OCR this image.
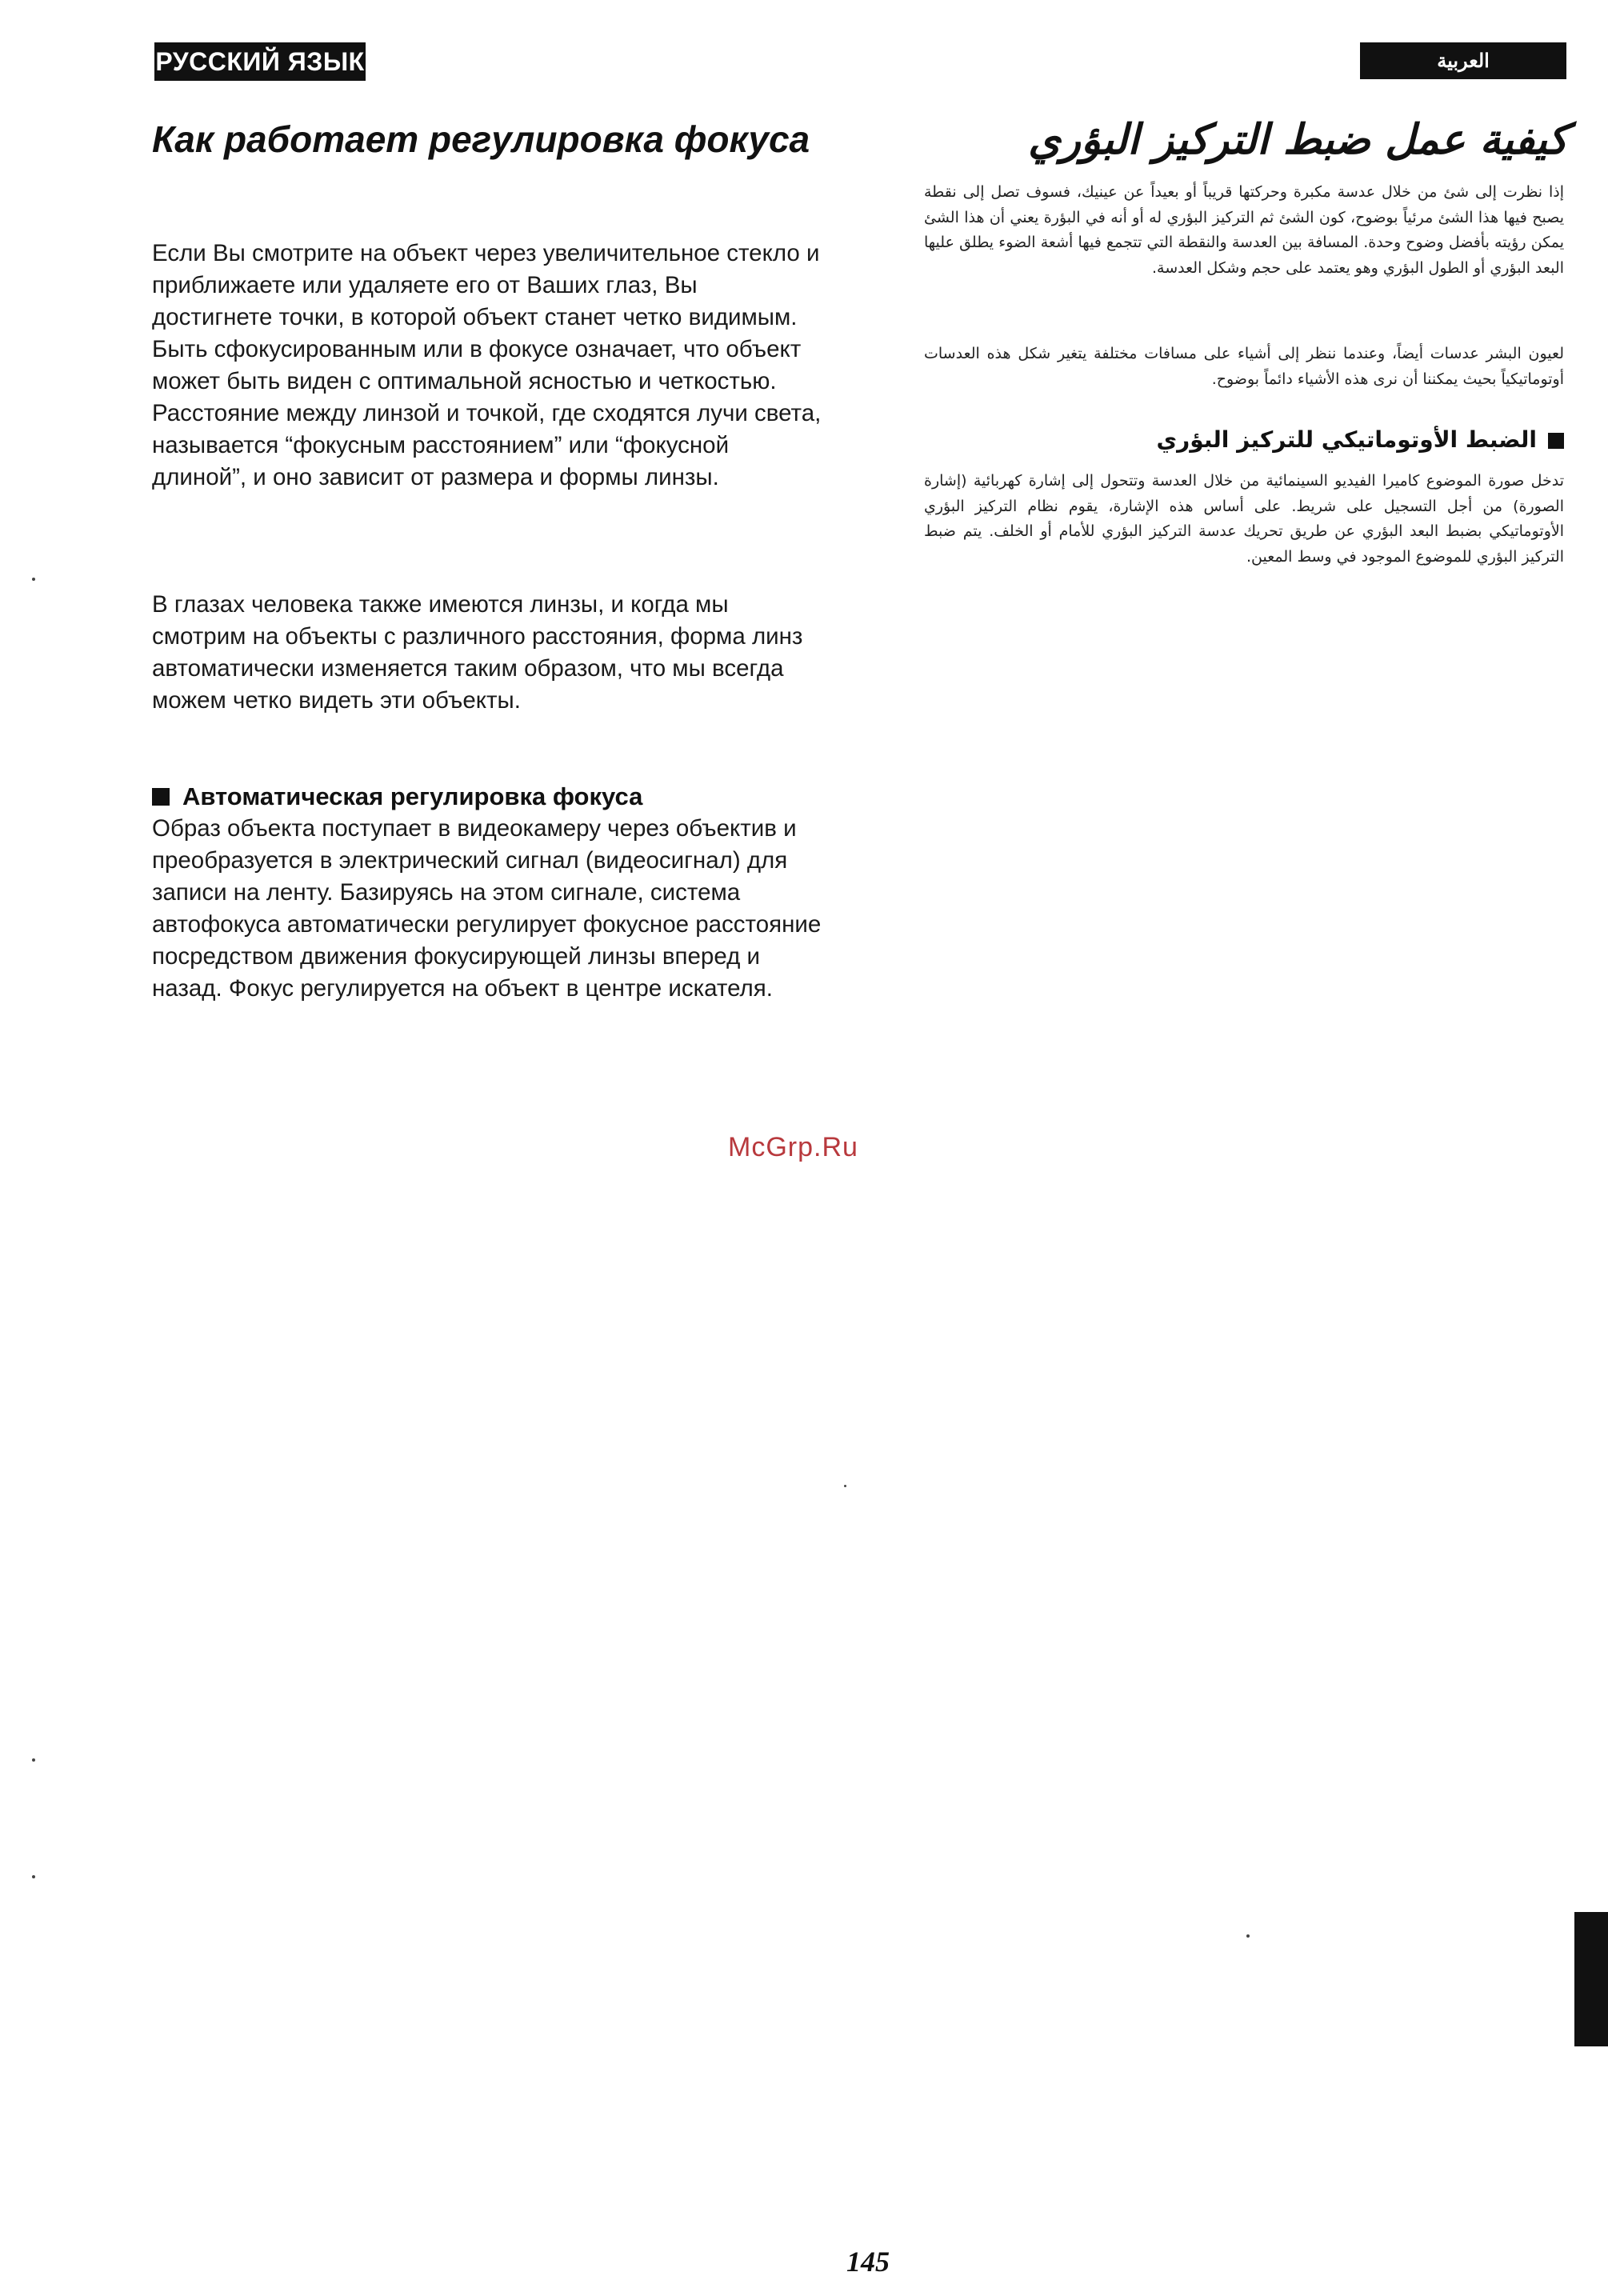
РУССКИЙ ЯЗЫК	العربية
Как работает регулировка фокуса

Если Вы смотрите на объект через увеличительное стекло и приближаете или удаляете его от Ваших глаз, Вы достигнете точки, в которой объект станет четко видимым. Быть сфокусированным или в фокусе означает, что объект может быть виден с оптимальной ясностью и четкостью. Расстояние между линзой и точкой, где сходятся лучи света, называется “фокусным расстоянием” или “фокусной длиной”, и оно зависит от размера и формы линзы.

В глазах человека также имеются линзы, и когда мы смотрим на объекты с различного расстояния, форма линз автоматически изменяется таким образом, что мы всегда можем четко видеть эти объекты.

Автоматическая регулировка фокуса

Образ объекта поступает в видеокамеру через объектив и преобразуется в электрический сигнал (видеосигнал) для записи на ленту. Базируясь на этом сигнале, система автофокуса автоматически регулирует фокусное расстояние посредством движения фокусирующей линзы вперед и назад. Фокус регулируется на объект в центре искателя.

كيفية عمل ضبط التركيز البؤري

إذا نظرت إلى شئ من خلال عدسة مكبرة وحركتها قريباً أو بعيداً عن عينيك، فسوف تصل إلى نقطة يصبح فيها هذا الشئ مرئياً بوضوح، كون الشئ ثم التركيز البؤري له أو أنه في البؤرة يعني أن هذا الشئ يمكن رؤيته بأفضل وضوح وحدة. المسافة بين العدسة والنقطة التي تتجمع فيها أشعة الضوء يطلق عليها البعد البؤري أو الطول البؤري وهو يعتمد على حجم وشكل العدسة.

لعيون البشر عدسات أيضاً، وعندما ننظر إلى أشياء على مسافات مختلفة يتغير شكل هذه العدسات أوتوماتيكياً بحيث يمكننا أن نرى هذه الأشياء دائماً بوضوح.

الضبط الأوتوماتيكي للتركيز البؤري

تدخل صورة الموضوع كاميرا الفيديو السينمائية من خلال العدسة وتتحول إلى إشارة كهربائية (إشارة الصورة) من أجل التسجيل على شريط. على أساس هذه الإشارة، يقوم نظام التركيز البؤري الأوتوماتيكي بضبط البعد البؤري عن طريق تحريك عدسة التركيز البؤري للأمام أو الخلف. يتم ضبط التركيز البؤري للموضوع الموجود في وسط المعين.

McGrp.Ru
145
